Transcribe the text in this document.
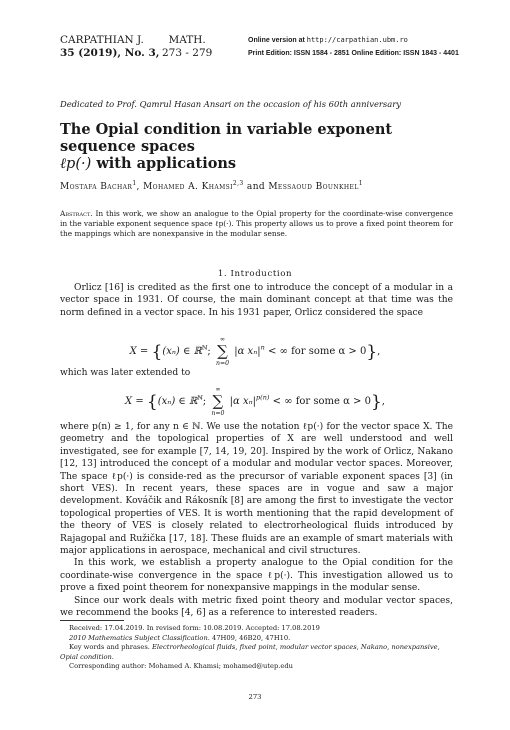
CARPATHIAN J.
35 (2019), No. 3,
MATH.
273 - 279
Online version at http://carpathian.ubm.ro
Print Edition: ISSN 1584 - 2851 Online Edition: ISSN 1843 - 4401
Dedicated to Prof. Qamrul Hasan Ansari on the occasion of his 60th anniversary
The Opial condition in variable exponent sequence spaces
ℓp(·) with applications
Mostafa Bachar$^1$, Mohamed A. Khamsi$^{2,3}$ and Messaoud Bounkhel$^1$
Abstract. In this work, we show an analogue to the Opial property for the coordinate-wise convergence in the variable exponent sequence space ℓp(·). This property allows us to prove a fixed point theorem for the mappings which are nonexpansive in the modular sense.
1. Introduction
Orlicz [16] is credited as the first one to introduce the concept of a modular in a vector space in 1931. Of course, the main dominant concept at that time was the norm defined in a vector space. In his 1931 paper, Orlicz considered the space
X = {(xₙ) ∈ ℝ$^ℕ$;
∞
∑
n=0
|α $x_n|^n$ < ∞ for some α > 0},
which was later extended to
X = {(xₙ) ∈ ℝ$^ℕ$;
∞
∑
n=0
|α $x_n|^{p(n)}$ < ∞ for some α > 0},
where p(n) ≥ 1, for any n ∈ ℕ. We use the notation ℓp(·) for the vector space X. The geometry and the topological properties of X are well understood and well investigated, see for example [7, 14, 19, 20]. Inspired by the work of Orlicz, Nakano [12, 13] introduced the concept of a modular and modular vector spaces. Moreover, The space ℓp(·) is conside-red as the precursor of variable exponent spaces [3] (in short VES). In recent years, these spaces are in vogue and saw a major development. Kováčik and Rákosník [8] are among the first to investigate the vector topological properties of VES. It is worth mentioning that the rapid development of the theory of VES is closely related to electrorheological fluids introduced by Rajagopal and Ružička [17, 18]. These fluids are an example of smart materials with major applications in aerospace, mechanical and civil structures.
In this work, we establish a property analogue to the Opial condition for the coordinate-wise convergence in the space ℓp(·). This investigation allowed us to prove a fixed point theorem for nonexpansive mappings in the modular sense.
Since our work deals with metric fixed point theory and modular vector spaces, we recommend the books [4, 6] as a reference to interested readers.
Received: 17.04.2019. In revised form: 10.08.2019. Accepted: 17.08.2019
2010 Mathematics Subject Classification. 47H09, 46B20, 47H10.
Key words and phrases. Electrorheological fluids, fixed point, modular vector spaces, Nakano, nonexpansive, Opial condition.
Corresponding author: Mohamed A. Khamsi; mohamed@utep.edu
273
